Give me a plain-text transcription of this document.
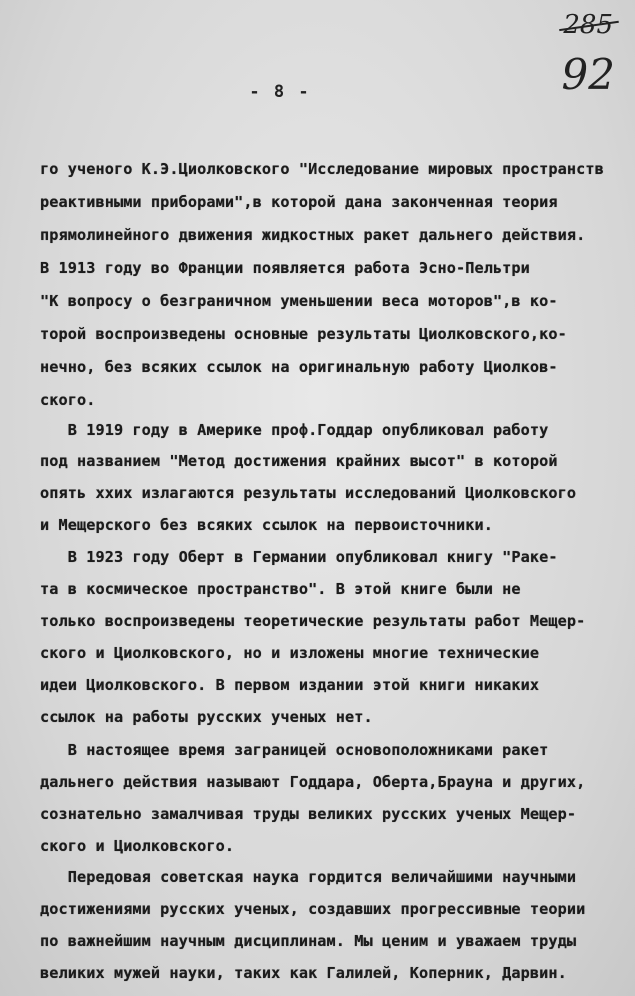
285
92
- 8 -
го ученого К.Э.Циолковского "Исследование мировых пространств
реактивными приборами",в которой дана законченная теория
прямолинейного движения жидкостных ракет дальнего действия.
В 1913 году во Франции появляется работа Эсно-Пельтри
"К вопросу о безграничном уменьшении веса моторов",в ко-
торой воспроизведены основные результаты Циолковского,ко-
нечно, без всяких ссылок на оригинальную работу Циолков-
ского.
В 1919 году в Америке проф.Годдар опубликовал работу
под названием "Метод достижения крайних высот" в которой
опять ххих излагаются результаты исследований Циолковского
и Мещерского без всяких ссылок на первоисточники.
В 1923 году Оберт в Германии опубликовал книгу "Раке-
та в космическое пространство". В этой книге были не
только воспроизведены теоретические результаты работ Мещер-
ского и Циолковского, но и изложены многие технические
идеи Циолковского. В первом издании этой книги никаких
ссылок на работы русских ученых нет.
В настоящее время заграницей основоположниками ракет
дальнего действия называют Годдара, Оберта,Брауна и других,
сознательно замалчивая труды великих русских ученых Мещер-
ского и Циолковского.
Передовая советская наука гордится величайшими научными
достижениями русских ученых, создавших прогрессивные теории
по важнейшим научным дисциплинам. Мы ценим и уважаем труды
великих мужей науки, таких как Галилей, Коперник, Дарвин.
